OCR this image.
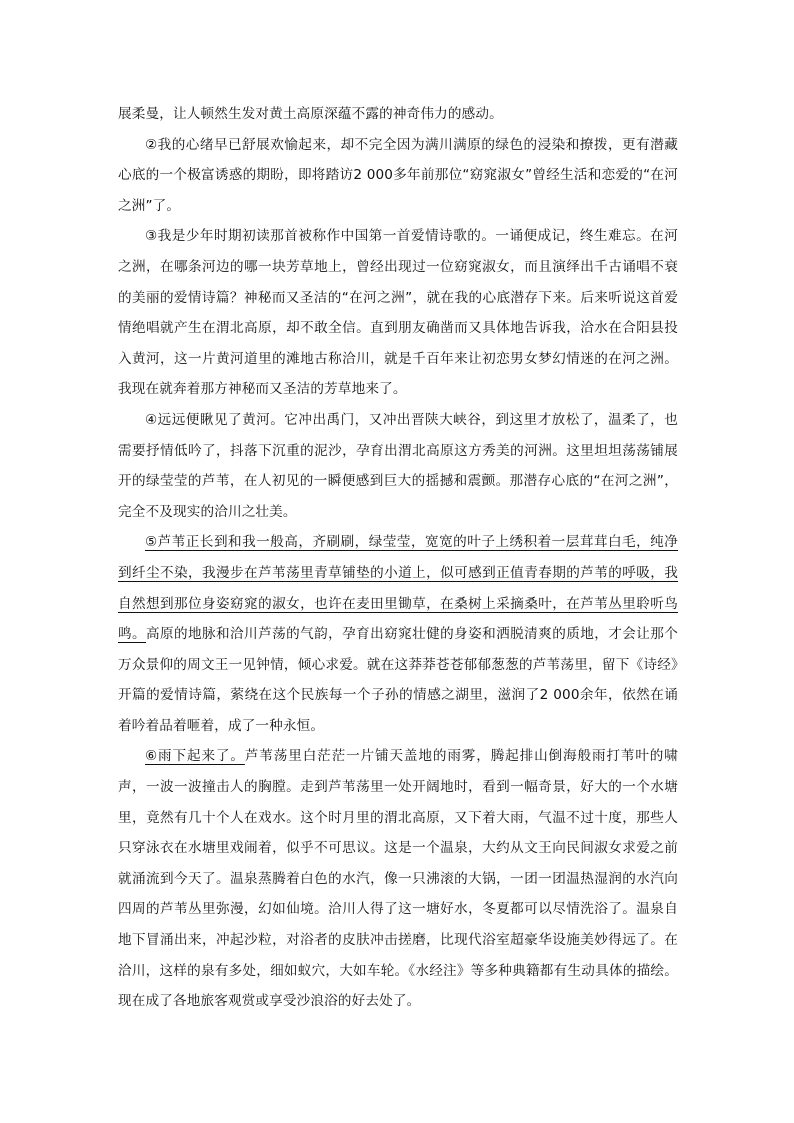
展柔曼，让人顿然生发对黄土高原深蕴不露的神奇伟力的感动。

②我的心绪早已舒展欢愉起来，却不完全因为满川满原的绿色的浸染和撩拨，更有潜藏心底的一个极富诱惑的期盼，即将踏访2 000多年前那位“窈窕淑女”曾经生活和恋爱的“在河之洲”了。

③我是少年时期初读那首被称作中国第一首爱情诗歌的。一诵便成记，终生难忘。在河之洲，在哪条河边的哪一块芳草地上，曾经出现过一位窈窕淑女，而且演绎出千古诵唱不衰的美丽的爱情诗篇？神秘而又圣洁的“在河之洲”，就在我的心底潜存下来。后来听说这首爱情绝唱就产生在渭北高原，却不敢全信。直到朋友确凿而又具体地告诉我，洽水在合阳县投入黄河，这一片黄河道里的滩地古称洽川，就是千百年来让初恋男女梦幻情迷的在河之洲。我现在就奔着那方神秘而又圣洁的芳草地来了。

④远远便瞅见了黄河。它冲出禹门，又冲出晋陕大峡谷，到这里才放松了，温柔了，也需要抒情低吟了，抖落下沉重的泥沙，孕育出渭北高原这方秀美的河洲。这里坦坦荡荡铺展开的绿莹莹的芦苇，在人初见的一瞬便感到巨大的摇撼和震颤。那潜存心底的“在河之洲”，完全不及现实的洽川之壮美。

⑤芦苇正长到和我一般高，齐刷刷，绿莹莹，宽宽的叶子上绣积着一层茸茸白毛，纯净到纤尘不染，我漫步在芦苇荡里青草铺垫的小道上，似可感到正值青春期的芦苇的呼吸，我自然想到那位身姿窈窕的淑女，也许在麦田里锄草，在桑树上采摘桑叶，在芦苇丛里聆听鸟鸣。高原的地脉和洽川芦荡的气韵，孕育出窈窕壮健的身姿和洒脱清爽的质地，才会让那个万众景仰的周文王一见钟情，倾心求爱。就在这莽莽苍苍郁郁葱葱的芦苇荡里，留下《诗经》开篇的爱情诗篇，萦绕在这个民族每一个子孙的情感之湖里，滋润了2 000余年，依然在诵着吟着品着咂着，成了一种永恒。

⑥雨下起来了。芦苇荡里白茫茫一片铺天盖地的雨雾，腾起排山倒海般雨打苇叶的啸声，一波一波撞击人的胸膛。走到芦苇荡里一处开阔地时，看到一幅奇景，好大的一个水塘里，竟然有几十个人在戏水。这个时月里的渭北高原，又下着大雨，气温不过十度，那些人只穿泳衣在水塘里戏闹着，似乎不可思议。这是一个温泉，大约从文王向民间淑女求爱之前就涌流到今天了。温泉蒸腾着白色的水汽，像一只沸滚的大锅，一团一团温热湿润的水汽向四周的芦苇丛里弥漫，幻如仙境。洽川人得了这一塘好水，冬夏都可以尽情洗浴了。温泉自地下冒涌出来，冲起沙粒，对浴者的皮肤冲击搓磨，比现代浴室超豪华设施美妙得远了。在洽川，这样的泉有多处，细如蚁穴，大如车轮。《水经注》等多种典籍都有生动具体的描绘。现在成了各地旅客观赏或享受沙浪浴的好去处了。
